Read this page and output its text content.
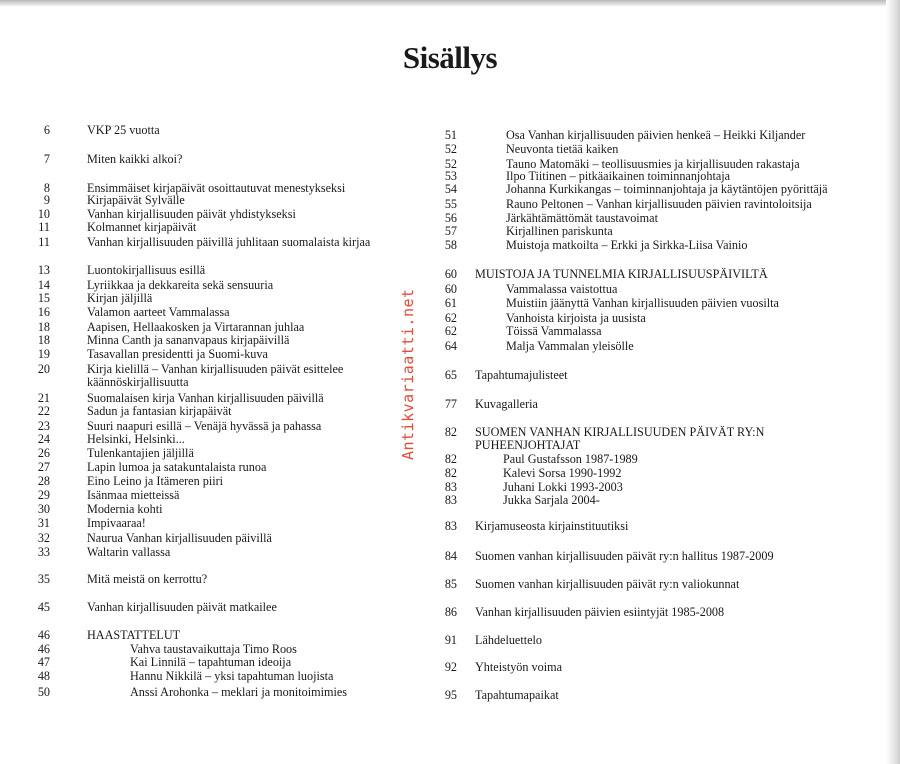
Sisällys
6	VKP 25 vuotta
7	Miten kaikki alkoi?
8	Ensimmäiset kirjapäivät osoittautuvat menestykseksi
9	Kirjapäivät Sylvälle
10	Vanhan kirjallisuuden päivät yhdistykseksi
11	Kolmannet kirjapäivät
11	Vanhan kirjallisuuden päivillä juhlitaan suomalaista kirjaa
13	Luontokirjallisuus esillä
14	Lyriikkaa ja dekkareita sekä sensuuria
15	Kirjan jäljillä
16	Valamon aarteet Vammalassa
18	Aapisen, Hellaakosken ja Virtarannan juhlaa
18	Minna Canth ja sananvapaus kirjapäivillä
19	Tasavallan presidentti ja Suomi-kuva
20	Kirja kielillä – Vanhan kirjallisuuden päivät esittelee käännöskirjallisuutta
21	Suomalaisen kirja Vanhan kirjallisuuden päivillä
22	Sadun ja fantasian kirjapäivät
23	Suuri naapuri esillä – Venäjä hyvässä ja pahassa
24	Helsinki, Helsinki...
26	Tulenkantajien jäljillä
27	Lapin lumoa ja satakuntalaista runoa
28	Eino Leino ja Itämeren piiri
29	Isänmaa mietteissä
30	Modernia kohti
31	Impivaaraa!
32	Naurua Vanhan kirjallisuuden päivillä
33	Waltarin vallassa
35	Mitä meistä on kerrottu?
45	Vanhan kirjallisuuden päivät matkailee
46	HAASTATTELUT
46	Vahva taustavaikuttaja Timo Roos
47	Kai Linnilä – tapahtuman ideoija
48	Hannu Nikkilä – yksi tapahtuman luojista
50	Anssi Arohonka – meklari ja monitoimimies
51	Osa Vanhan kirjallisuuden päivien henkeä – Heikki Kiljander
52	Neuvonta tietää kaiken
52	Tauno Matomäki – teollisuusmies ja kirjallisuuden rakastaja
53	Ilpo Tiitinen – pitkäaikainen toiminnanjohtaja
54	Johanna Kurkikangas – toiminnanjohtaja ja käytäntöjen pyörittäjä
55	Rauno Peltonen – Vanhan kirjallisuuden päivien ravintoloitsija
56	Järkähtämättömät taustavoimat
57	Kirjallinen pariskunta
58	Muistoja matkoilta – Erkki ja Sirkka-Liisa Vainio
60 MUISTOJA JA TUNNELMIA KIRJALLISUUSPÄIVILTÄ
60	Vammalassa vaistottua
61	Muistiin jäänyttä Vanhan kirjallisuuden päivien vuosilta
62	Vanhoista kirjoista ja uusista
62	Töissä Vammalassa
64	Malja Vammalan yleisölle
65 Tapahtumajulisteet
77 Kuvagalleria
82 SUOMEN VANHAN KIRJALLISUUDEN PÄIVÄT RY:N
PUHEENJOHTAJAT
82	Paul Gustafsson 1987-1989
82	Kalevi Sorsa 1990-1992
83	Juhani Lokki 1993-2003
83	Jukka Sarjala 2004-
83 Kirjamuseosta kirjainstituutiksi
84 Suomen vanhan kirjallisuuden päivät ry:n hallitus 1987-2009
85 Suomen vanhan kirjallisuuden päivät ry:n valiokunnat
86 Vanhan kirjallisuuden päivien esiintyjät 1985-2008
91 Lähdeluettelo
92 Yhteistyön voima
95 Tapahtumapaikat
Antikvariaatti.net
